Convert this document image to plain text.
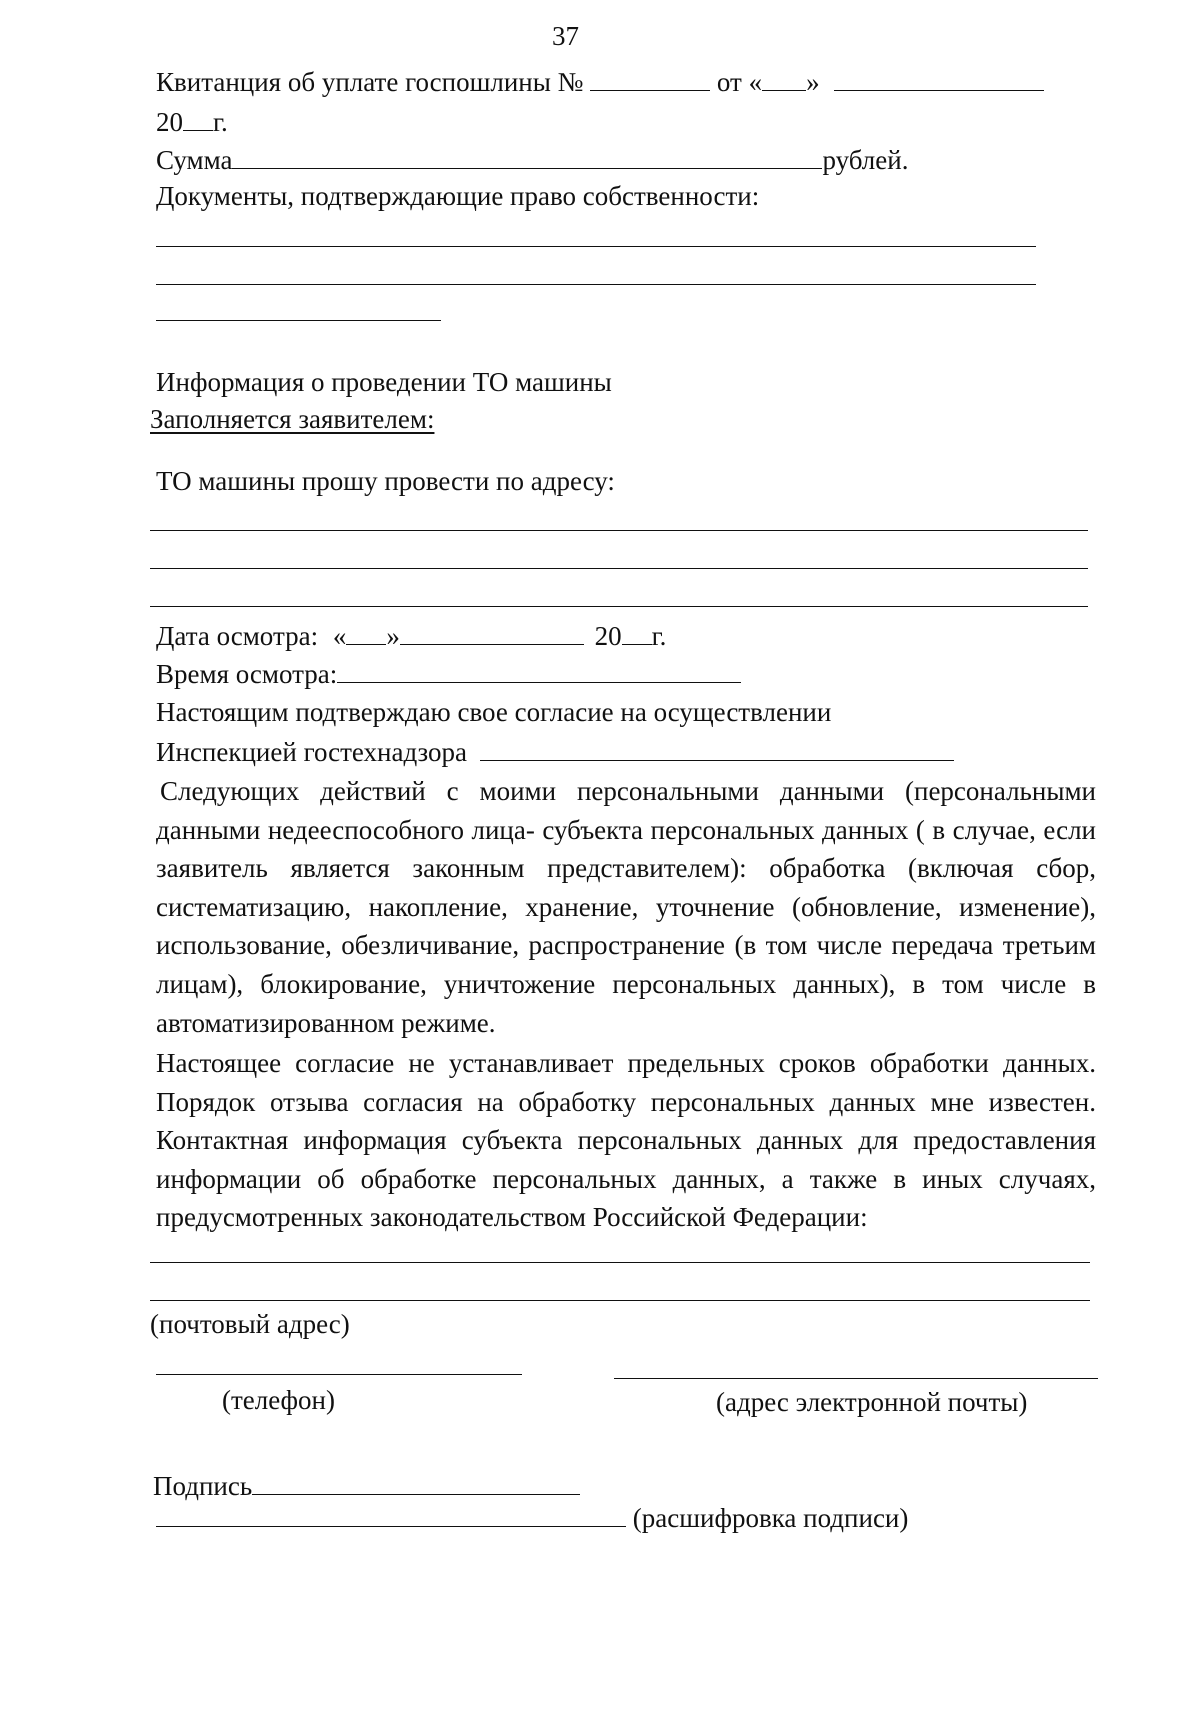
37
Квитанция об уплате госпошлины №	от « »
20 г.
Сумма	рублей.
Документы, подтверждающие право собственности:
Информация о проведении ТО машины
Заполняется заявителем:
ТО машины прошу провести по адресу:
Дата осмотра: « »	20 г.
Время осмотра:
Настоящим подтверждаю свое согласие на осуществлении
Инспекцией гостехнадзора
Следующих действий с моими персональными данными (персональными данными недееспособного лица- субъекта персональных данных ( в случае, если заявитель является законным представителем): обработка (включая сбор, систематизацию, накопление, хранение, уточнение (обновление, изменение), использование, обезличивание, распространение (в том числе передача третьим лицам), блокирование, уничтожение персональных данных), в том числе в автоматизированном режиме.
Настоящее согласие не устанавливает предельных сроков обработки данных.
Порядок отзыва согласия на обработку персональных данных мне известен.
Контактная информация субъекта персональных данных для предоставления
информации об обработке персональных данных, а также в иных случаях,
предусмотренных законодательством Российской Федерации:
(почтовый адрес)
(телефон)	(адрес электронной почты)
Подпись
(расшифровка подписи)
